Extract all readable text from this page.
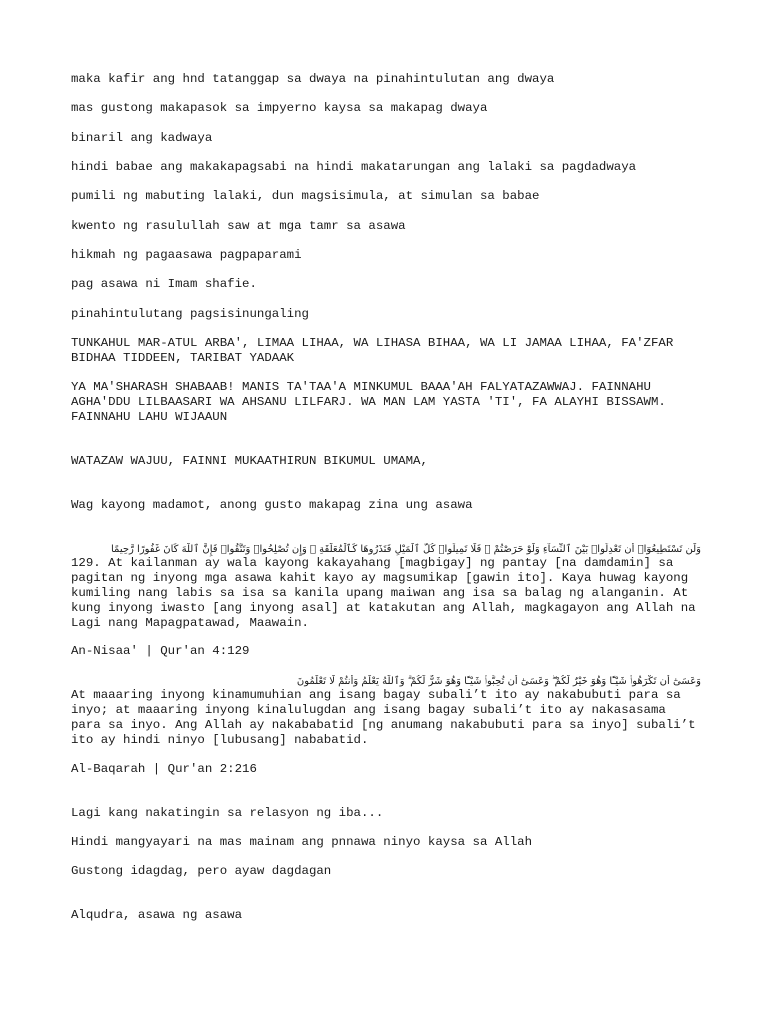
maka kafir ang hnd tatanggap sa dwaya na pinahintulutan ang dwaya
mas gustong makapasok sa impyerno kaysa sa makapag dwaya
binaril ang kadwaya
hindi babae ang makakapagsabi na hindi makatarungan ang lalaki sa pagdadwaya
pumili ng mabuting lalaki, dun magsisimula, at simulan sa babae
kwento ng rasulullah saw at mga tamr sa asawa
hikmah ng pagaasawa pagpaparami
pag asawa ni Imam shafie.
pinahintulutang pagsisinungaling
TUNKAHUL MAR-ATUL ARBA', LIMAA LIHAA, WA LIHASA BIHAA, WA LI JAMAA LIHAA, FA'ZFAR BIDHAA TIDDEEN, TARIBAT YADAAK
YA MA'SHARASH SHABAAB! MANIS TA'TAA'A MINKUMUL BAAA'AH FALYATAZAWWAJ. FAINNAHU AGHA'DDU LILBAASARI WA AHSANU LILFARJ. WA MAN LAM YASTA 'TI', FA ALAYHI BISSAWM. FAINNAHU LAHU WIJAAUN
WATAZAW WAJUU, FAINNI MUKAATHIRUN BIKUMUL UMAMA,
Wag kayong madamot, anong gusto makapag zina ung asawa
وَلَن تَسْتَطِيعُوٓا۟ أَن تَعْدِلُوا۟ بَيْنَ ٱلنِّسَآءِ وَلَوْ حَرَصْتُمْ ۖ فَلَا تَمِيلُوا۟ كُلَّ ٱلْمَيْلِ فَتَذَرُوهَا كَٱلْمُعَلَّقَةِ ۚ وَإِن تُصْلِحُوا۟ وَتَتَّقُوا۟ فَإِنَّ ٱللَّهَ كَانَ غَفُورًا رَّحِيمًا
129. At kailanman ay wala kayong kakayahang [magbigay] ng pantay [na damdamin] sa pagitan ng inyong mga asawa kahit kayo ay magsumikap [gawin ito]. Kaya huwag kayong kumiling nang labis sa isa sa kanila upang maiwan ang isa sa balag ng alanganin. At kung inyong iwasto [ang inyong asal] at katakutan ang Allah, magkagayon ang Allah na Lagi nang Mapagpatawad, Maawain.
An-Nisaa' | Qur'an 4:129
وَعَسَىٰٓ أَن تَكْرَهُوا۟ شَيْـًٔا وَهُوَ خَيْرٌ لَّكُمْ ۖ وَعَسَىٰٓ أَن تُحِبُّوا۟ شَيْـًٔا وَهُوَ شَرٌّ لَّكُمْ ۗ وَٱللَّهُ يَعْلَمُ وَأَنتُمْ لَا تَعْلَمُونَ
At maaaring inyong kinamumuhian ang isang bagay subali’t ito ay nakabubuti para sa inyo; at maaaring inyong kinalulugdan ang isang bagay subali’t ito ay nakasasama para sa inyo. Ang Allah ay nakababatid [ng anumang nakabubuti para sa inyo] subali’t ito ay hindi ninyo [lubusang] nababatid.
Al-Baqarah | Qur'an 2:216
Lagi kang nakatingin sa relasyon ng iba...
Hindi mangyayari na mas mainam ang pnnawa ninyo kaysa sa Allah
Gustong idagdag, pero ayaw dagdagan
Alqudra, asawa ng asawa
